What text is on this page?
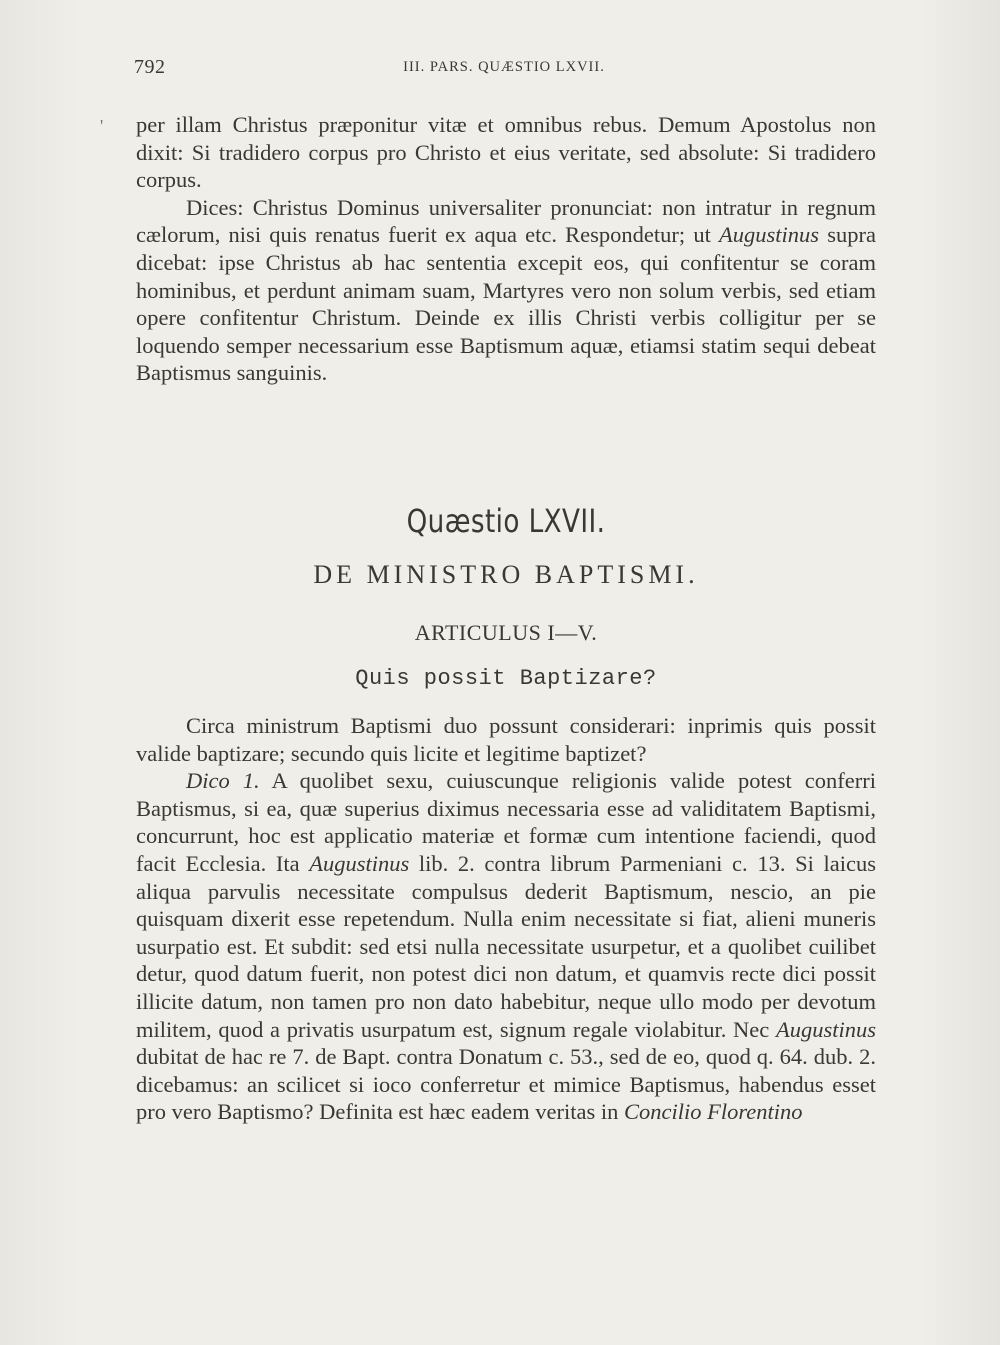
792	III. PARS. QUÆSTIO LXVII.
' per illam Christus præponitur vitæ et omnibus rebus. Demum Apostolus non dixit: Si tradidero corpus pro Christo et eius veritate, sed absolute: Si tradidero corpus.

Dices: Christus Dominus universaliter pronunciat: non intratur in regnum cælorum, nisi quis renatus fuerit ex aqua etc. Respondetur; ut Augustinus supra dicebat: ipse Christus ab hac sententia excepit eos, qui confitentur se coram hominibus, et perdunt animam suam, Martyres vero non solum verbis, sed etiam opere confitentur Christum. Deinde ex illis Christi verbis colligitur per se loquendo semper necessarium esse Baptismum aquæ, etiamsi statim sequi debeat Baptismus sanguinis.

Quæstio LXVII.
DE MINISTRO BAPTISMI.
ARTICULUS I—V.
Quis possit Baptizare?

Circa ministrum Baptismi duo possunt considerari: inprimis quis possit valide baptizare; secundo quis licite et legitime baptizet?

Dico 1. A quolibet sexu, cuiuscunque religionis valide potest conferri Baptismus, si ea, quæ superius diximus necessaria esse ad validitatem Baptismi, concurrunt, hoc est applicatio materiæ et formæ cum intentione faciendi, quod facit Ecclesia. Ita Augustinus lib. 2. contra librum Parmeniani c. 13. Si laicus aliqua parvulis necessitate compulsus dederit Baptismum, nescio, an pie quisquam dixerit esse repetendum. Nulla enim necessitate si fiat, alieni muneris usurpatio est. Et subdit: sed etsi nulla necessitate usurpetur, et a quolibet cuilibet detur, quod datum fuerit, non potest dici non datum, et quamvis recte dici possit illicite datum, non tamen pro non dato habebitur, neque ullo modo per devotum militem, quod a privatis usurpatum est, signum regale violabitur. Nec Augustinus dubitat de hac re 7. de Bapt. contra Donatum c. 53., sed de eo, quod q. 64. dub. 2. dicebamus: an scilicet si ioco conferretur et mimice Baptismus, habendus esset pro vero Baptismo? Definita est hæc eadem veritas in Concilio Florentino
